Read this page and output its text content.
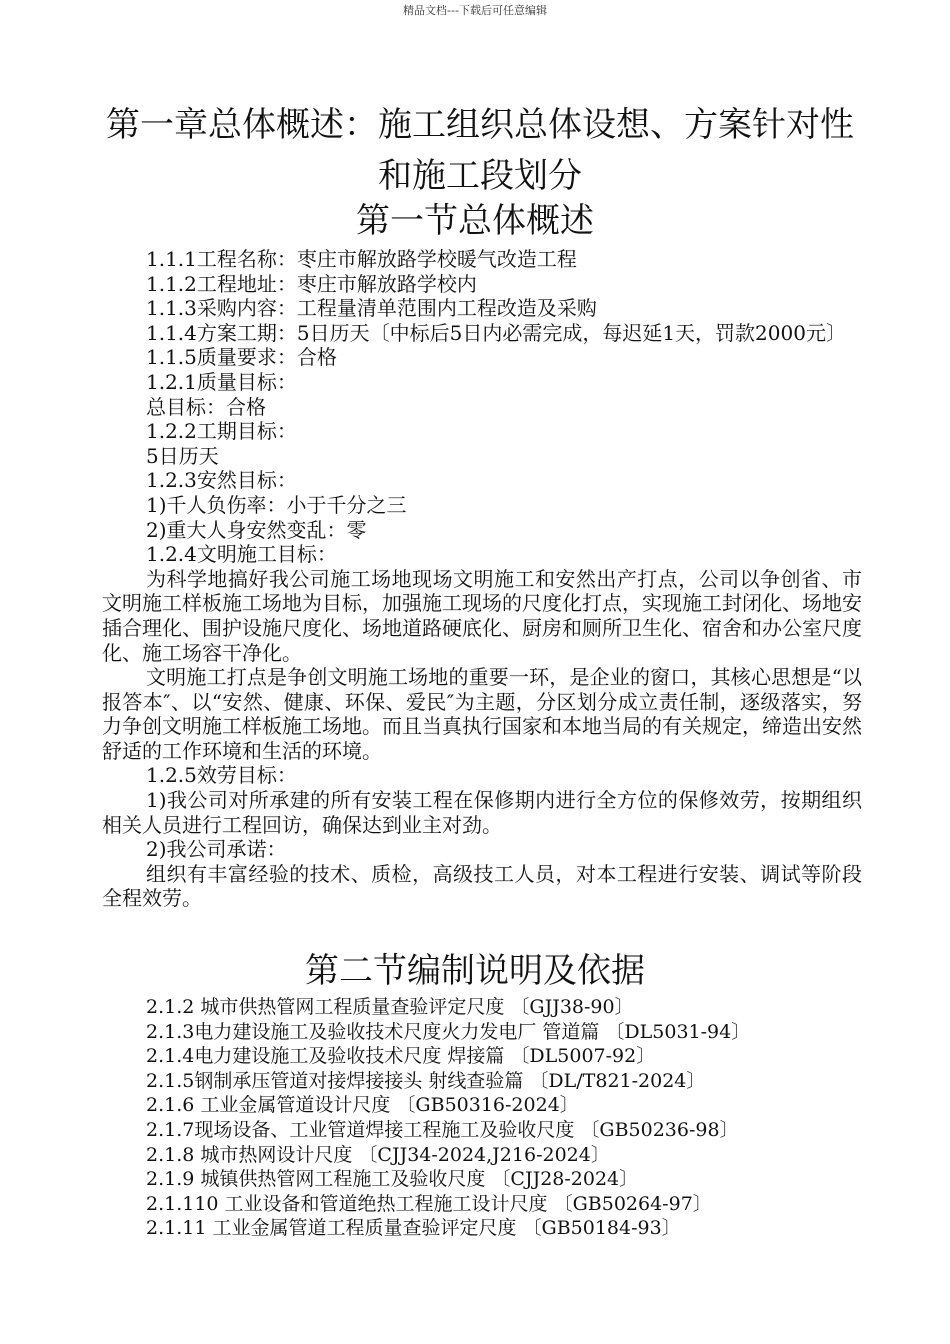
精品文档---下载后可任意编辑
第一章总体概述：施工组织总体设想、方案针对性和施工段划分
第一节总体概述
1.1.1工程名称：枣庄市解放路学校暖气改造工程
1.1.2工程地址：枣庄市解放路学校内
1.1.3采购内容：工程量清单范围内工程改造及采购
1.1.4方案工期：5日历天〔中标后5日内必需完成，每迟延1天，罚款2000元〕
1.1.5质量要求：合格
1.2.1质量目标：
总目标：合格
1.2.2工期目标：
5日历天
1.2.3安然目标：
1)千人负伤率：小于千分之三
2)重大人身安然变乱：零
1.2.4文明施工目标：
为科学地搞好我公司施工场地现场文明施工和安然出产打点，公司以争创省、市文明施工样板施工场地为目标，加强施工现场的尺度化打点，实现施工封闭化、场地安插合理化、围护设施尺度化、场地道路硬底化、厨房和厕所卫生化、宿舍和办公室尺度化、施工场容干净化。
文明施工打点是争创文明施工场地的重要一环，是企业的窗口，其核心思想是“以报答本″、以“安然、健康、环保、爱民″为主题，分区划分成立责任制，逐级落实，努力争创文明施工样板施工场地。而且当真执行国家和本地当局的有关规定，缔造出安然舒适的工作环境和生活的环境。
1.2.5效劳目标：
1)我公司对所承建的所有安装工程在保修期内进行全方位的保修效劳，按期组织相关人员进行工程回访，确保达到业主对劲。
2)我公司承诺：
组织有丰富经验的技术、质检，高级技工人员，对本工程进行安装、调试等阶段全程效劳。
第二节编制说明及依据
2.1.2 城市供热管网工程质量查验评定尺度 〔GJJ38-90〕
2.1.3电力建设施工及验收技术尺度火力发电厂 管道篇 〔DL5031-94〕
2.1.4电力建设施工及验收技术尺度 焊接篇 〔DL5007-92〕
2.1.5钢制承压管道对接焊接接头 射线查验篇 〔DL/T821-2024〕
2.1.6 工业金属管道设计尺度 〔GB50316-2024〕
2.1.7现场设备、工业管道焊接工程施工及验收尺度 〔GB50236-98〕
2.1.8 城市热网设计尺度 〔CJJ34-2024,J216-2024〕
2.1.9 城镇供热管网工程施工及验收尺度 〔CJJ28-2024〕
2.1.110 工业设备和管道绝热工程施工设计尺度 〔GB50264-97〕
2.1.11 工业金属管道工程质量查验评定尺度 〔GB50184-93〕
